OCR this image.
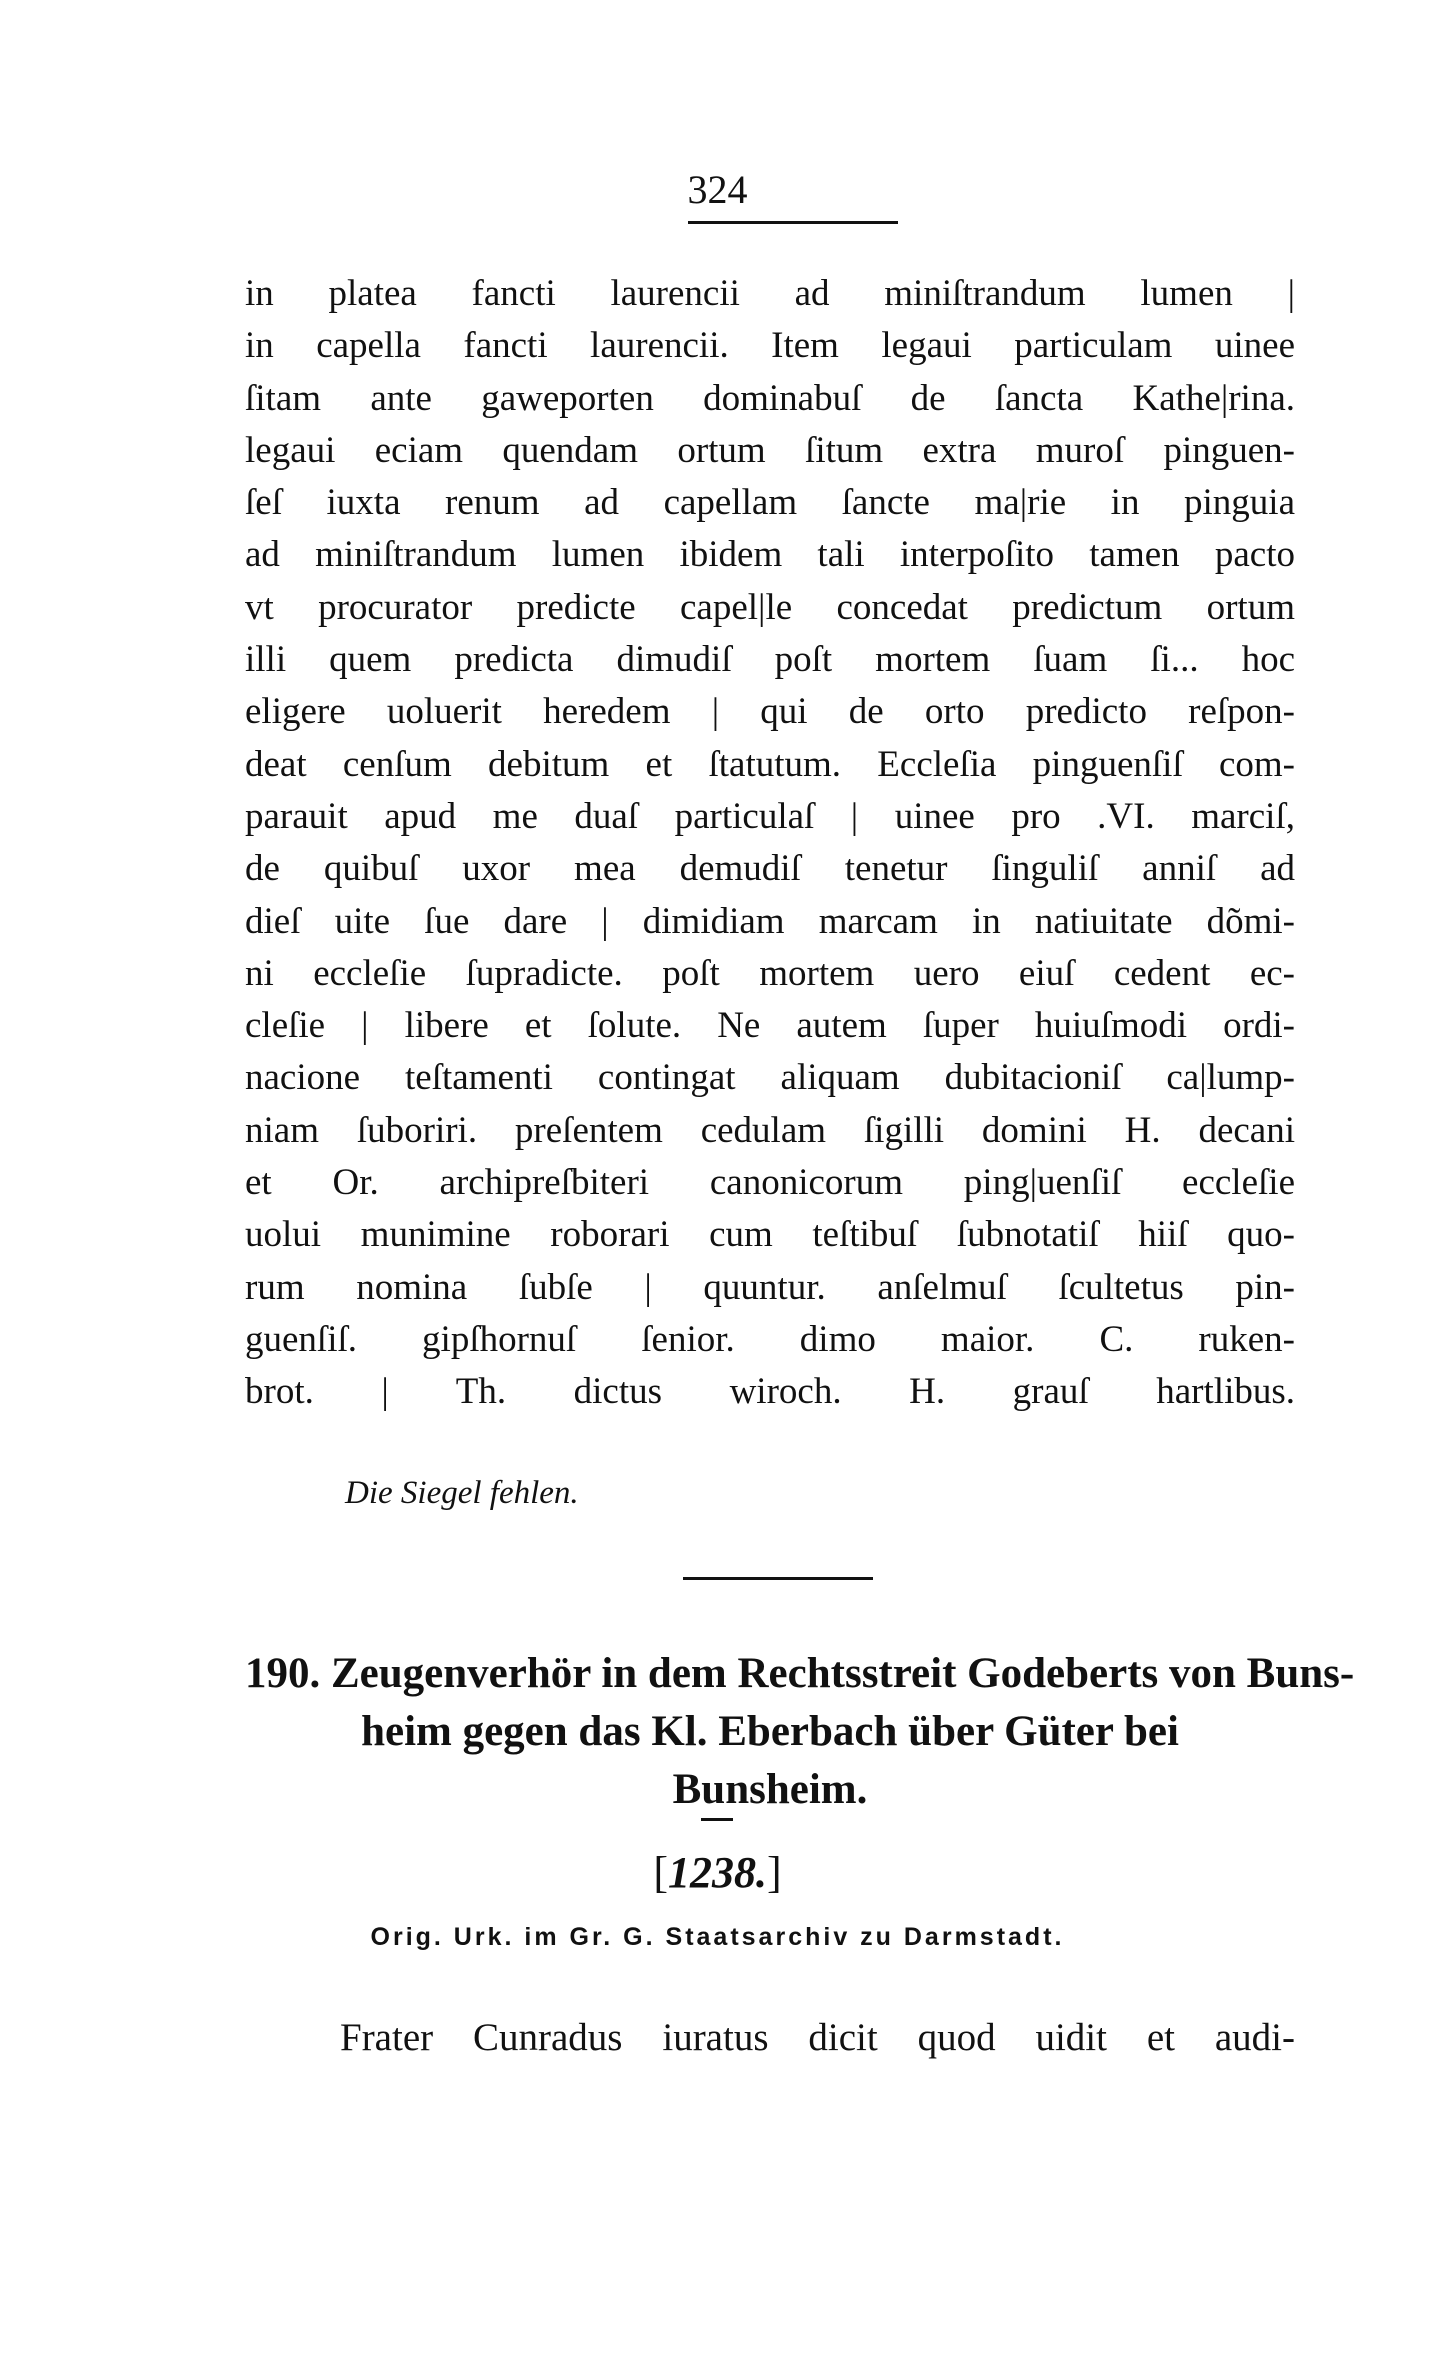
324
in platea fancti laurencii ad miniſtrandum lumen |
in capella fancti laurencii. Item legaui particulam uinee
ſitam ante gaweporten dominabuſ de ſancta Kathe|rina.
legaui eciam quendam ortum ſitum extra muroſ pinguen-
ſeſ iuxta renum ad capellam ſancte ma|rie in pinguia
ad miniſtrandum lumen ibidem tali interpoſito tamen pacto
vt procurator predicte capel|le concedat predictum ortum
illi quem predicta dimudiſ poſt mortem ſuam ſi... hoc
eligere uoluerit heredem | qui de orto predicto reſpon-
deat cenſum debitum et ſtatutum. Eccleſia pinguenſiſ com-
parauit apud me duaſ particulaſ | uinee pro .VI. marciſ,
de quibuſ uxor mea demudiſ tenetur ſinguliſ anniſ ad
dieſ uite ſue dare | dimidiam marcam in natiuitate dõmi-
ni eccleſie ſupradicte. poſt mortem uero eiuſ cedent ec-
cleſie | libere et ſolute. Ne autem ſuper huiuſmodi ordi-
nacione teſtamenti contingat aliquam dubitacioniſ ca|lump-
niam ſuboriri. preſentem cedulam ſigilli domini H. decani
et Or. archipreſbiteri canonicorum ping|uenſiſ eccleſie
uolui munimine roborari cum teſtibuſ ſubnotatiſ hiiſ quo-
rum nomina ſubſe | quuntur. anſelmuſ ſcultetus pin-
guenſiſ. gipſhornuſ ſenior. dimo maior. C. ruken-
brot. | Th. dictus wiroch. H. grauſ hartlibus.
Die Siegel fehlen.
190. Zeugenverhör in dem Rechtsstreit Godeberts von Buns-
heim gegen das Kl. Eberbach über Güter bei
Bunsheim.
[1238.]
Orig. Urk. im Gr. G. Staatsarchiv zu Darmstadt.
Frater Cunradus iuratus dicit quod uidit et audi-
